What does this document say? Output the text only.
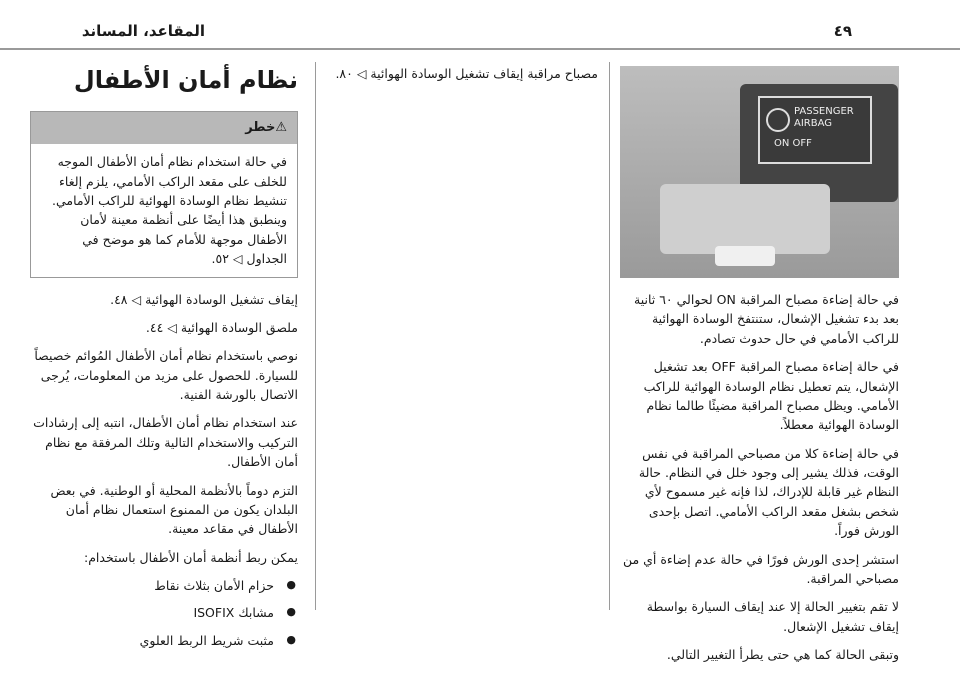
٤٩
المقاعد، المساند
PASSENGER
AIRBAG
ON OFF

في حالة إضاءة مصباح المراقبة ON لحوالي ٦٠ ثانية بعد بدء تشغيل الإشعال، ستنتفخ الوسادة الهوائية للراكب الأمامي في حال حدوث تصادم.

في حالة إضاءة مصباح المراقبة OFF بعد تشغيل الإشعال، يتم تعطيل نظام الوسادة الهوائية للراكب الأمامي. ويظل مصباح المراقبة مضيئًا طالما نظام الوسادة الهوائية معطلاً.

في حالة إضاءة كلا من مصباحي المراقبة في نفس الوقت، فذلك يشير إلى وجود خلل في النظام. حالة النظام غير قابلة للإدراك، لذا فإنه غير مسموح لأي شخص بشغل مقعد الراكب الأمامي. اتصل بإحدى الورش فوراً.

استشر إحدى الورش فورًا في حالة عدم إضاءة أي من مصباحي المراقبة.

لا تقم بتغيير الحالة إلا عند إيقاف السيارة بواسطة إيقاف تشغيل الإشعال.

وتبقى الحالة كما هي حتى يطرأ التغيير التالي.

مصباح مراقبة إيقاف تشغيل الوسادة الهوائية ◁ ٨٠.

نظام أمان الأطفال
⚠خطر
في حالة استخدام نظام أمان الأطفال الموجه للخلف على مقعد الراكب الأمامي، يلزم إلغاء تنشيط نظام الوسادة الهوائية للراكب الأمامي. وينطبق هذا أيضًا على أنظمة معينة لأمان الأطفال موجهة للأمام كما هو موضح في الجداول ◁ ٥٢.

إيقاف تشغيل الوسادة الهوائية ◁ ٤٨.

ملصق الوسادة الهوائية ◁ ٤٤.

نوصي باستخدام نظام أمان الأطفال المُوائم خصيصاً للسيارة. للحصول على مزيد من المعلومات، يُرجى الاتصال بالورشة الفنية.

عند استخدام نظام أمان الأطفال، انتبه إلى إرشادات التركيب والاستخدام التالية وتلك المرفقة مع نظام أمان الأطفال.

التزم دوماً بالأنظمة المحلية أو الوطنية. في بعض البلدان يكون من الممنوع استعمال نظام أمان الأطفال في مقاعد معينة.

يمكن ربط أنظمة أمان الأطفال باستخدام:

● حزام الأمان بثلاث نقاط
● مشابك ISOFIX
● مثبت شريط الربط العلوي
